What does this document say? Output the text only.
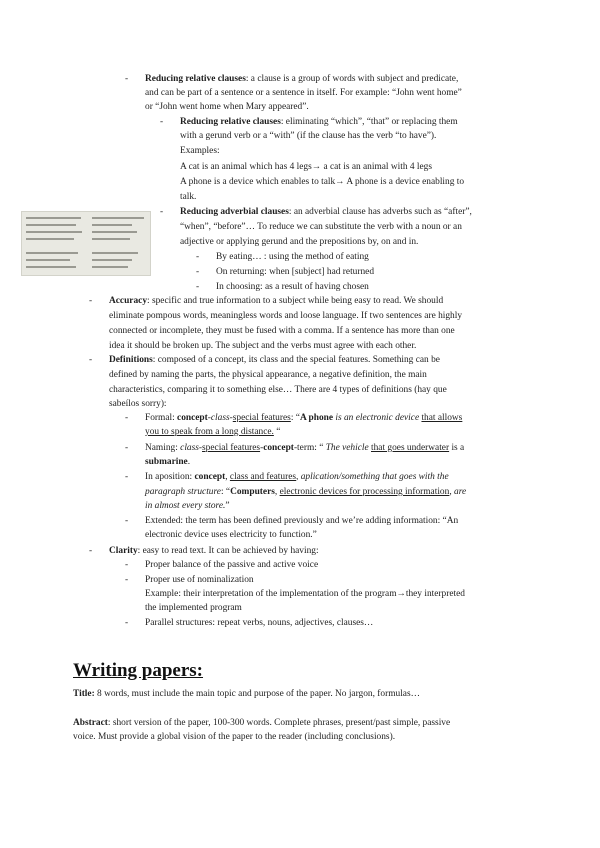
- Reducing relative clauses: a clause is a group of words with subject and predicate,
and can be part of a sentence or a sentence in itself. For example: “John went home”
or “John went home when Mary appeared”.
- Reducing relative clauses: eliminating “which”, “that” or replacing them
with a gerund verb or a “with” (if the clause has the verb “to have”).
Examples:
A cat is an animal which has 4 legs→ a cat is an animal with 4 legs
A phone is a device which enables to talk→ A phone is a device enabling to
talk.
- Reducing adverbial clauses: an adverbial clause has adverbs such as “after”,
“when”, “before”… To reduce we can substitute the verb with a noun or an
adjective or applying gerund and the prepositions by, on and in.
- By eating… : using the method of eating
- On returning: when [subject] had returned
- In choosing: as a result of having chosen
- Accuracy: specific and true information to a subject while being easy to read. We should
eliminate pompous words, meaningless words and loose language. If two sentences are highly
connected or incomplete, they must be fused with a comma. If a sentence has more than one
idea it should be broken up. The subject and the verbs must agree with each other.
- Definitions: composed of a concept, its class and the special features. Something can be
defined by naming the parts, the physical appearance, a negative definition, the main
characteristics, comparing it to something else… There are 4 types of definitions (hay que
sabeílos sorry):
- Formal: concept-class-special features: “A phone is an electronic device that allows
you to speak from a long distance. “
- Naming: class-special features-concept-term: “ The vehicle that goes underwater is a
submarine.
- In aposition: concept, class and features, aplication/something that goes with the
paragraph structure: “Computers, electronic devices for processing information, are
in almost every store.”
- Extended: the term has been defined previously and we’re adding information: “An
electronic device uses electricity to function.”
- Clarity: easy to read text. It can be achieved by having:
- Proper balance of the passive and active voice
- Proper use of nominalization
Example: their interpretation of the implementation of the program→they interpreted
the implemented program
- Parallel structures: repeat verbs, nouns, adjectives, clauses…
Writing papers:
Title: 8 words, must include the main topic and purpose of the paper. No jargon, formulas…
Abstract: short version of the paper, 100-300 words. Complete phrases, present/past simple, passive
voice. Must provide a global vision of the paper to the reader (including conclusions).
